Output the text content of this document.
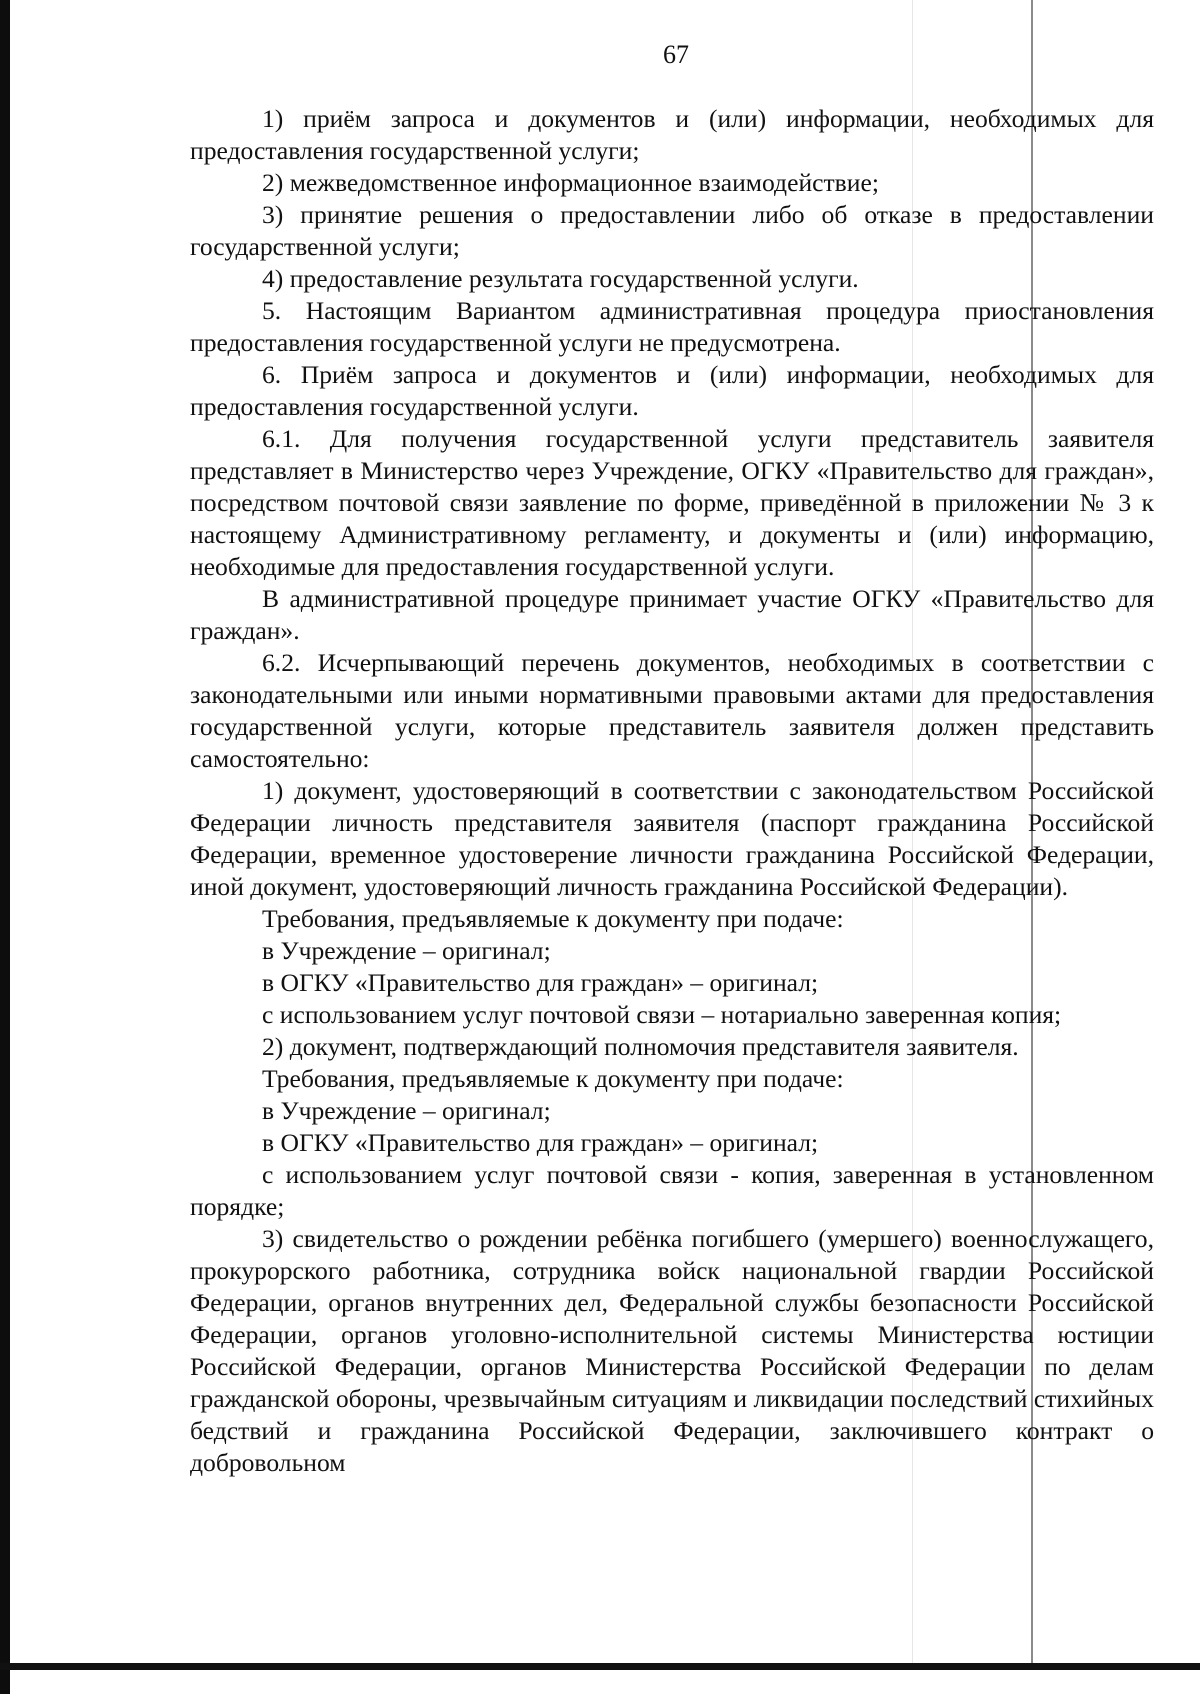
67

1) приём запроса и документов и (или) информации, необходимых для предоставления государственной услуги;

2) межведомственное информационное взаимодействие;

3) принятие решения о предоставлении либо об отказе в предоставлении государственной услуги;

4) предоставление результата государственной услуги.

5. Настоящим Вариантом административная процедура приостановления предоставления государственной услуги не предусмотрена.

6. Приём запроса и документов и (или) информации, необходимых для предоставления государственной услуги.

6.1. Для получения государственной услуги представитель заявителя представляет в Министерство через Учреждение, ОГКУ «Правительство для граждан», посредством почтовой связи заявление по форме, приведённой в приложении № 3 к настоящему Административному регламенту, и документы и (или) информацию, необходимые для предоставления государственной услуги.

В административной процедуре принимает участие ОГКУ «Правительство для граждан».

6.2. Исчерпывающий перечень документов, необходимых в соответствии с законодательными или иными нормативными правовыми актами для предоставления государственной услуги, которые представитель заявителя должен представить самостоятельно:

1) документ, удостоверяющий в соответствии с законодательством Российской Федерации личность представителя заявителя (паспорт гражданина Российской Федерации, временное удостоверение личности гражданина Российской Федерации, иной документ, удостоверяющий личность гражданина Российской Федерации).

Требования, предъявляемые к документу при подаче:

в Учреждение – оригинал;

в ОГКУ «Правительство для граждан» – оригинал;

с использованием услуг почтовой связи – нотариально заверенная копия;

2) документ, подтверждающий полномочия представителя заявителя.

Требования, предъявляемые к документу при подаче:

в Учреждение – оригинал;

в ОГКУ «Правительство для граждан» – оригинал;

с использованием услуг почтовой связи - копия, заверенная в установленном порядке;

3) свидетельство о рождении ребёнка погибшего (умершего) военнослужащего, прокурорского работника, сотрудника войск национальной гвардии Российской Федерации, органов внутренних дел, Федеральной службы безопасности Российской Федерации, органов уголовно-исполнительной системы Министерства юстиции Российской Федерации, органов Министерства Российской Федерации по делам гражданской обороны, чрезвычайным ситуациям и ликвидации последствий стихийных бедствий и гражданина Российской Федерации, заключившего контракт о добровольном
